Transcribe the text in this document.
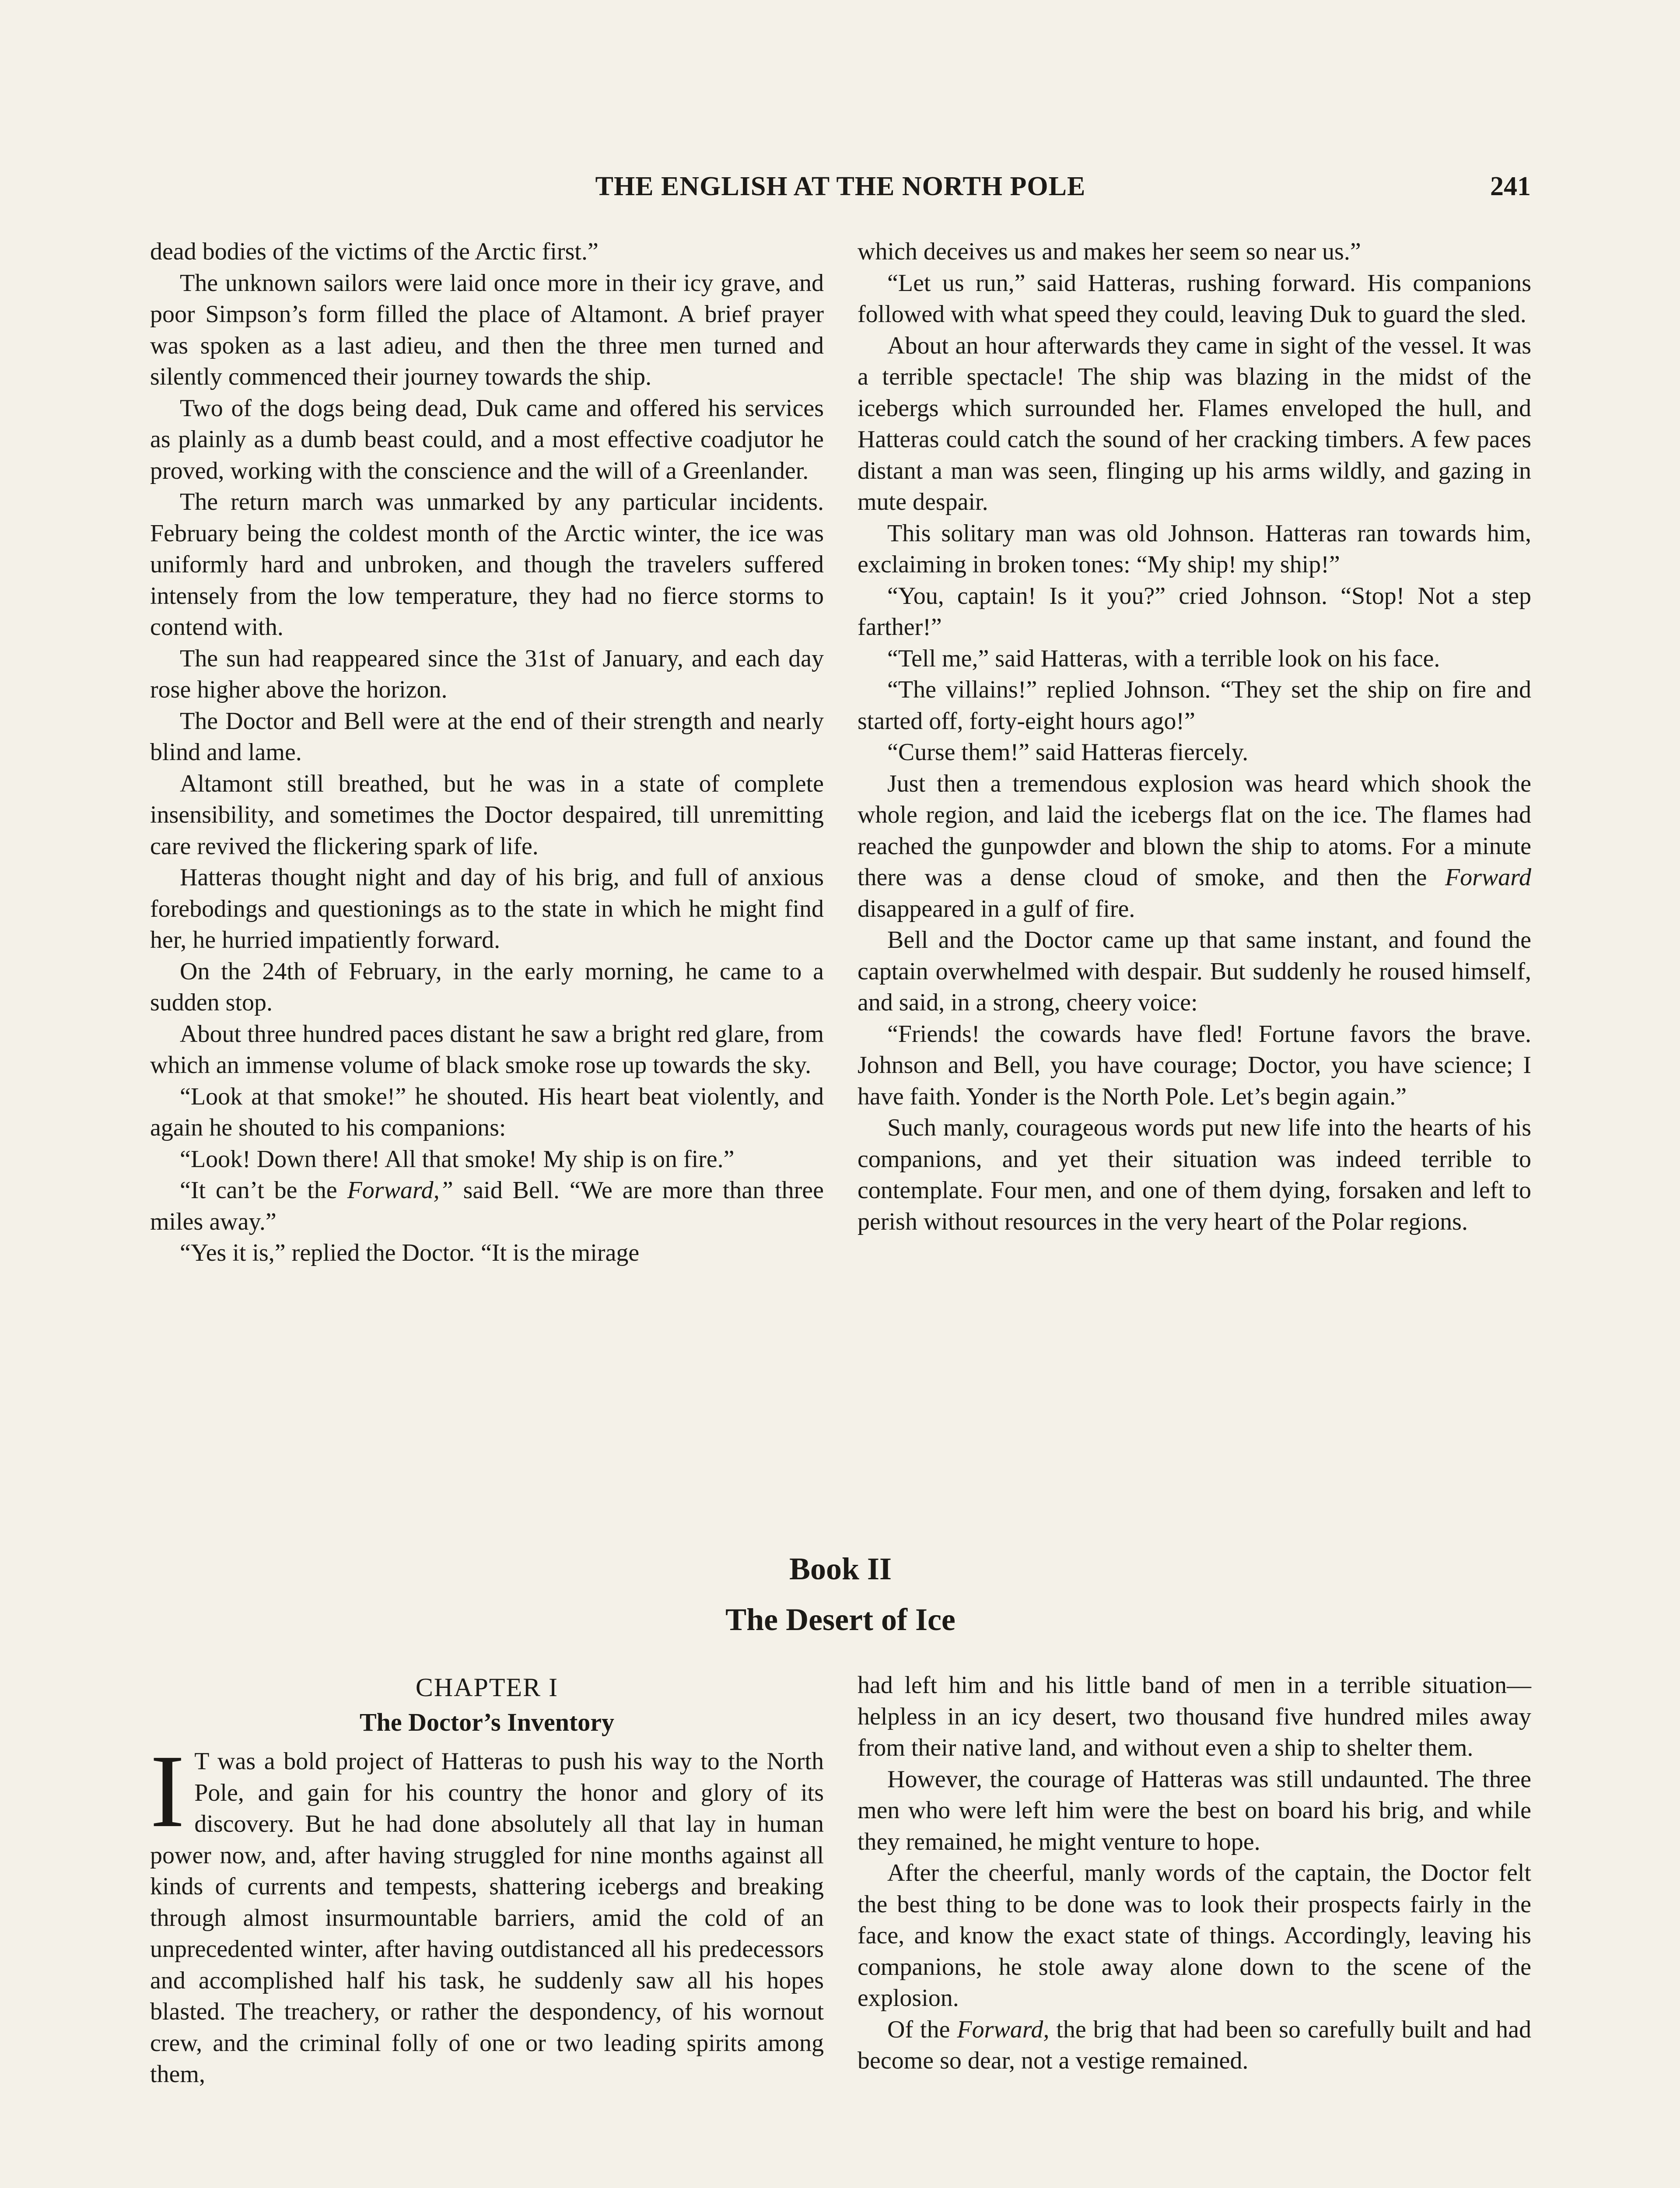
THE ENGLISH AT THE NORTH POLE	241

dead bodies of the victims of the Arctic first.”

The unknown sailors were laid once more in their icy grave, and poor Simpson’s form filled the place of Altamont. A brief prayer was spoken as a last adieu, and then the three men turned and silently commenced their journey towards the ship.

Two of the dogs being dead, Duk came and offered his services as plainly as a dumb beast could, and a most effective coadjutor he proved, working with the conscience and the will of a Greenlander.

The return march was unmarked by any particular incidents. February being the coldest month of the Arctic winter, the ice was uniformly hard and unbroken, and though the travelers suffered intensely from the low temperature, they had no fierce storms to contend with.

The sun had reappeared since the 31st of January, and each day rose higher above the horizon.

The Doctor and Bell were at the end of their strength and nearly blind and lame.

Altamont still breathed, but he was in a state of complete insensibility, and sometimes the Doctor despaired, till unremitting care revived the flickering spark of life.

Hatteras thought night and day of his brig, and full of anxious forebodings and questionings as to the state in which he might find her, he hurried impatiently forward.

On the 24th of February, in the early morning, he came to a sudden stop.

About three hundred paces distant he saw a bright red glare, from which an immense volume of black smoke rose up towards the sky.

“Look at that smoke!” he shouted. His heart beat violently, and again he shouted to his companions:

“Look! Down there! All that smoke! My ship is on fire.”

“It can’t be the Forward,” said Bell. “We are more than three miles away.”

“Yes it is,” replied the Doctor. “It is the mirage

which deceives us and makes her seem so near us.”

“Let us run,” said Hatteras, rushing forward. His companions followed with what speed they could, leaving Duk to guard the sled.

About an hour afterwards they came in sight of the vessel. It was a terrible spectacle! The ship was blazing in the midst of the icebergs which surrounded her. Flames enveloped the hull, and Hatteras could catch the sound of her cracking timbers. A few paces distant a man was seen, flinging up his arms wildly, and gazing in mute despair.

This solitary man was old Johnson. Hatteras ran towards him, exclaiming in broken tones: “My ship! my ship!”

“You, captain! Is it you?” cried Johnson. “Stop! Not a step farther!”

“Tell me,” said Hatteras, with a terrible look on his face.

“The villains!” replied Johnson. “They set the ship on fire and started off, forty-eight hours ago!”

“Curse them!” said Hatteras fiercely.

Just then a tremendous explosion was heard which shook the whole region, and laid the icebergs flat on the ice. The flames had reached the gunpowder and blown the ship to atoms. For a minute there was a dense cloud of smoke, and then the Forward disappeared in a gulf of fire.

Bell and the Doctor came up that same instant, and found the captain overwhelmed with despair. But suddenly he roused himself, and said, in a strong, cheery voice:

“Friends! the cowards have fled! Fortune favors the brave. Johnson and Bell, you have courage; Doctor, you have science; I have faith. Yonder is the North Pole. Let’s begin again.”

Such manly, courageous words put new life into the hearts of his companions, and yet their situation was indeed terrible to contemplate. Four men, and one of them dying, forsaken and left to perish without resources in the very heart of the Polar regions.

Book II
The Desert of Ice
CHAPTER I
The Doctor’s Inventory

I T was a bold project of Hatteras to push his way to the North Pole, and gain for his country the honor and glory of its discovery. But he had done absolutely all that lay in human power now, and, after having struggled for nine months against all kinds of currents and tempests, shattering icebergs and breaking through almost insurmountable barriers, amid the cold of an unprecedented winter, after having outdistanced all his predecessors and accomplished half his task, he suddenly saw all his hopes blasted. The treachery, or rather the despondency, of his wornout crew, and the criminal folly of one or two leading spirits among them,

had left him and his little band of men in a terrible situation—helpless in an icy desert, two thousand five hundred miles away from their native land, and without even a ship to shelter them.

However, the courage of Hatteras was still undaunted. The three men who were left him were the best on board his brig, and while they remained, he might venture to hope.

After the cheerful, manly words of the captain, the Doctor felt the best thing to be done was to look their prospects fairly in the face, and know the exact state of things. Accordingly, leaving his companions, he stole away alone down to the scene of the explosion.

Of the Forward, the brig that had been so carefully built and had become so dear, not a vestige remained.
